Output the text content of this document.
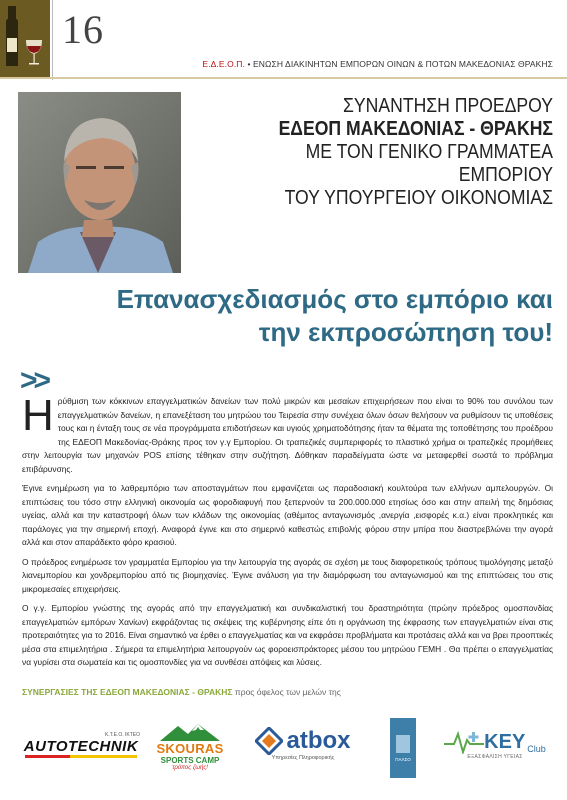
16
Ε.Δ.Ε.Ο.Π. • ΕΝΩΣΗ ΔΙΑΚΙΝΗΤΩΝ ΕΜΠΟΡΩΝ ΟΙΝΩΝ & ΠΟΤΩΝ ΜΑΚΕΔΟΝΙΑΣ ΘΡΑΚΗΣ
ΣΥΝΑΝΤΗΣΗ ΠΡΟΕΔΡΟΥ
ΕΔΕΟΠ ΜΑΚΕΔΟΝΙΑΣ - ΘΡΑΚΗΣ
ΜΕ ΤΟΝ ΓΕΝΙΚΟ ΓΡΑΜΜΑΤΕΑ
ΕΜΠΟΡΙΟΥ
ΤΟΥ ΥΠΟΥΡΓΕΙΟΥ ΟΙΚΟΝΟΜΙΑΣ
Επανασχεδιασμός στο εμπόριο και
την εκπροσώπηση του!
>>

Ηρύθμιση των κόκκινων επαγγελματικών δανείων των πολύ μικρών και μεσαίων επιχειρήσεων που είναι το 90% του συνόλου των επαγγελματικών δανείων, η επανεξέταση του μητρώου του Τειρεσία στην συνέχεια όλων όσων θελήσουν να ρυθμίσουν τις υποθέσεις τους και η ένταξη τους σε νέα προγράμματα επιδοτήσεων και υγιούς χρηματοδότησης ήταν τα θέματα της τοποθέτησης του προέδρου της ΕΔΕΟΠ Μακεδονίας-Θράκης προς τον γ.γ Εμπορίου. Οι τραπεζικές συμπεριφορές τo πλαστικό χρήμα οι τραπεζικές προμήθειες στην λειτουργία των μηχανών POS επίσης τέθηκαν στην συζήτηση. Δόθηκαν παραδείγματα ώστε να μεταφερθεί σωστά το πρόβλημα επιβάρυνσης.

Έγινε ενημέρωση για το λαθρεμπόριο των αποσταγμάτων που εμφανίζεται ως παραδοσιακή κουλτούρα των ελλήνων αμπελουργών. Οι επιπτώσεις του τόσο στην ελληνική οικονομία ως φοροδιαφυγή που ξεπερνούν τα 200.000.000 ετησίως όσο και στην απειλή της δημόσιας υγείας, αλλά και την καταστροφή όλων των κλάδων της οικονομίας (αθέμιτος ανταγωνισμός ,ανεργία ,εισφορές κ.α.) είναι προκλητικές και παράλογες για την σημερινή εποχή. Αναφορά έγινε και στο σημερινό καθεστώς επιβολής φόρου στην μπίρα που διαστρεβλώνει την αγορά αλλά και στον απαράδεκτο φόρο κρασιού.

Ο πρόεδρος ενημέρωσε τον γραμματέα Εμπορίου για την λειτουργία της αγοράς σε σχέση με τους διαφορετικούς τρόπους τιμολόγησης μεταξύ λιανεμπορίου και χονδρεμπορίου από τις βιομηχανίες. Έγινε ανάλυση για την διαμόρφωση του ανταγωνισμού και της επιπτώσεις του στις μικρομεσαίες επιχειρήσεις.

Ο γ.γ. Εμπορίου γνώστης της αγοράς από την επαγγελματική και συνδικαλιστική του δραστηριότητα (πρώην πρόεδρος ομοσπονδίας επαγγελματιών εμπόρων Χανίων) εκφράζοντας τις σκέψεις της κυβέρνησης είπε ότι η οργάνωση της έκφρασης των επαγγελματιών είναι στις προτεραιότητες για το 2016. Είναι σημαντικό να έρθει ο επαγγελματίας και να εκφράσει προβλήματα και προτάσεις αλλά και να βρει προοπτικές μέσα στα επιμελητήρια . Σήμερα τα επιμελητήρια λειτουργούν ως φοροεισπράκτορες μέσου του μητρώου ΓΕΜΗ . Θα πρέπει ο επαγγελματίας να γυρίσει στα σωματεία και τις ομοσπονδίες για να συνθέσει απόψεις και λύσεις.

ΣΥΝΕΡΓΑΣΙΕΣ ΤΗΣ ΕΔΕΟΠ ΜΑΚΕΔΟΝΙΑΣ - ΘΡΑΚΗΣ προς όφελος των μελών της
Κ.Τ.Ε.Ο. ΙΚΤΕΟ
AUTOTECHNIK SKOURAS
SPORTS CAMP
τρόπος ζωής!
atbox
Υπηρεσίες Πληροφορικής	ΠΑΛΣΟ
KEY Club
ΕΞΑΣΦΑΛΙΣΗ ΥΓΕΙΑΣ
